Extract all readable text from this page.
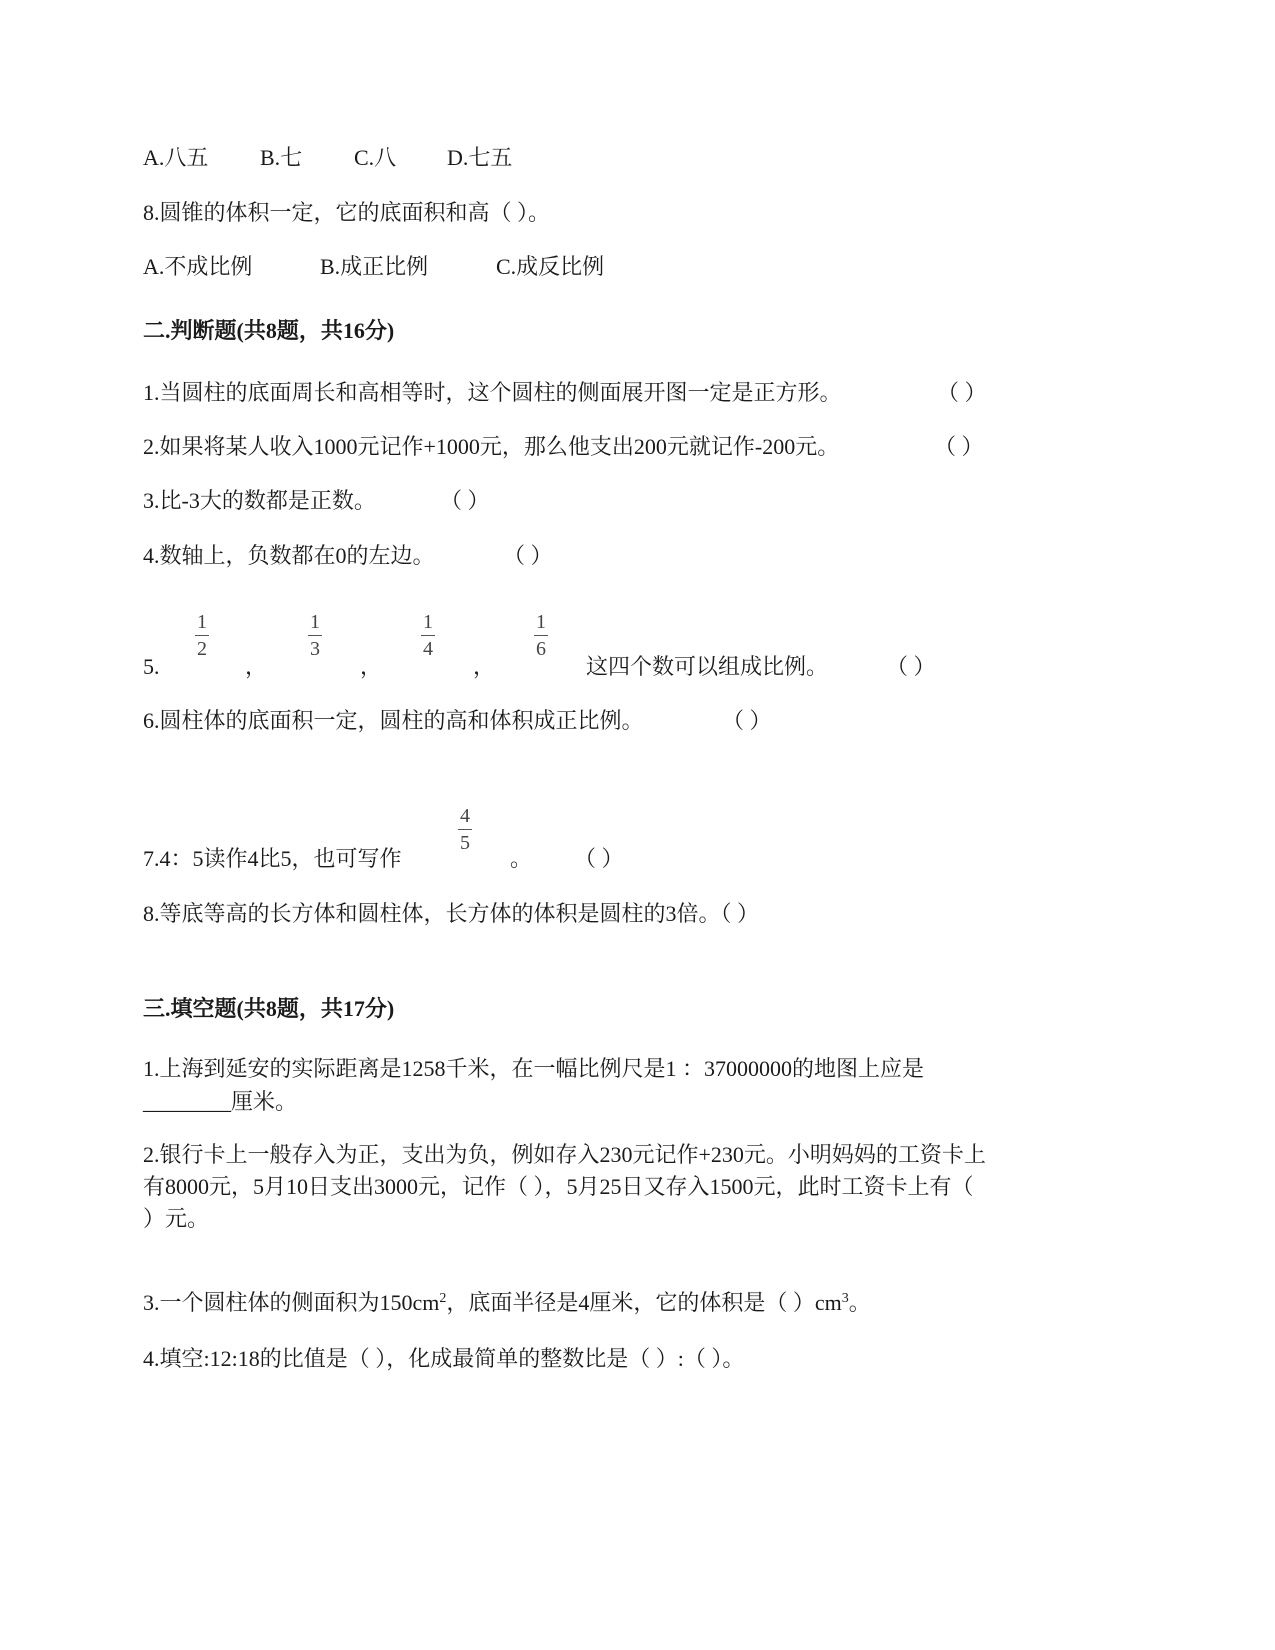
A.八五 B.七 C.八 D.七五
8.圆锥的体积一定，它的底面积和高（ ）。
A.不成比例	B.成正比例	C.成反比例
二.判断题(共8题，共16分)
1.当圆柱的底面周长和高相等时，这个圆柱的侧面展开图一定是正方形。	（ ）
2.如果将某人收入1000元记作+1000元，那么他支出200元就记作-200元。	（ ）
3.比-3大的数都是正数。	（ ）
4.数轴上，负数都在0的左边。	（ ）
5.
1
2
，
1
3
，
1
4
，
1
6
这四个数可以组成比例。	（ ）
6.圆柱体的底面积一定，圆柱的高和体积成正比例。	（ ）
7.4：5读作4比5，也可写作
4
5
。 （ ）
8.等底等高的长方体和圆柱体，长方体的体积是圆柱的3倍。（ ）
三.填空题(共8题，共17分)
1.上海到延安的实际距离是1258千米，在一幅比例尺是1 ：37000000的地图上应是
________厘米。
2.银行卡上一般存入为正，支出为负，例如存入230元记作+230元。小明妈妈的工资卡上
有8000元，5月10日支出3000元，记作（ ），5月25日又存入1500元，此时工资卡上有（
）元。
3.一个圆柱体的侧面积为$150cm^2$，底面半径是4厘米，它的体积是（ ）$cm^3$。
4.填空:12:18的比值是（ ），化成最简单的整数比是（ ）:（ ）。
